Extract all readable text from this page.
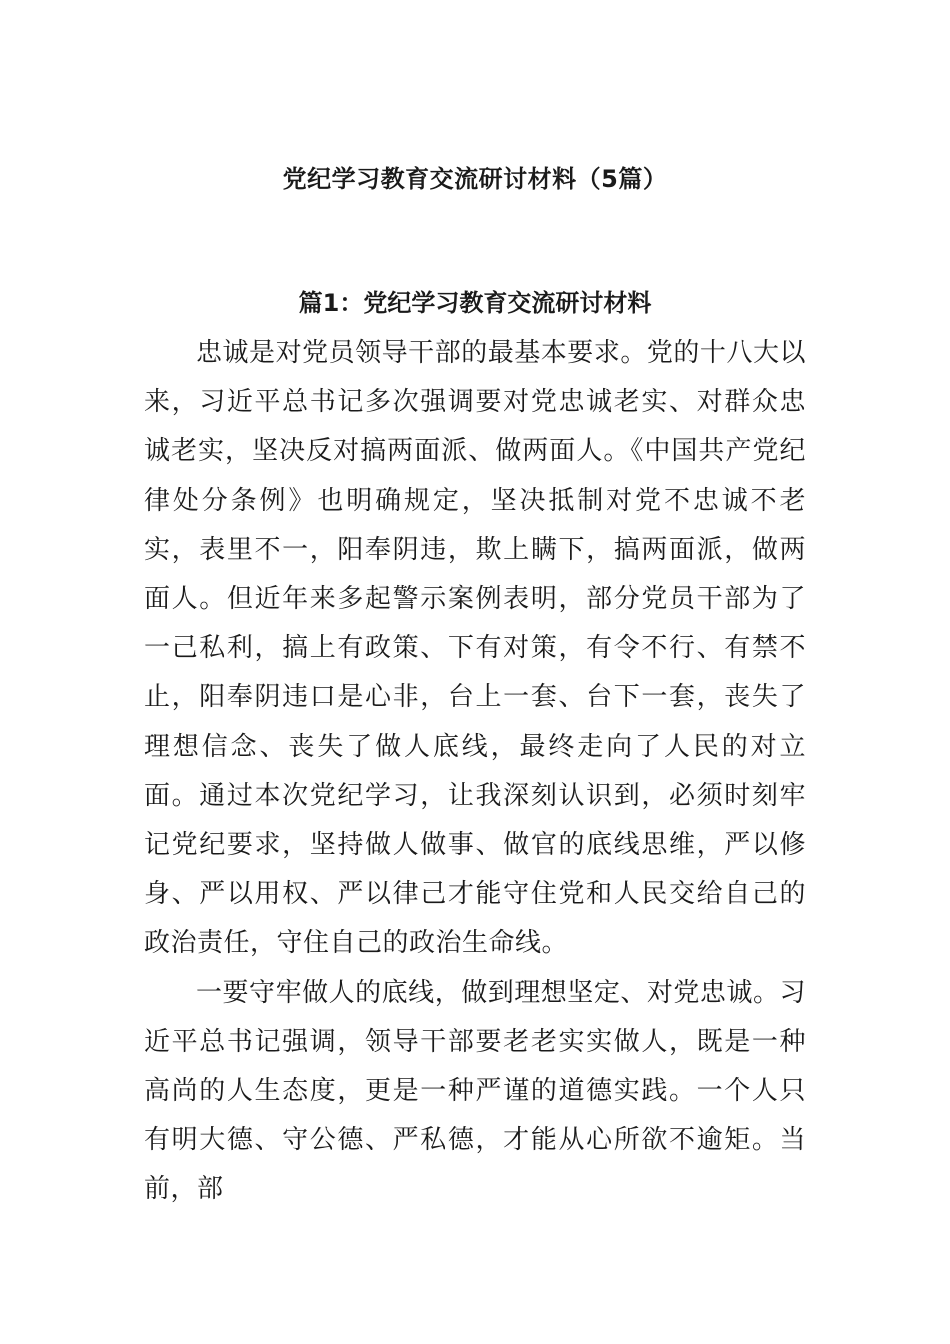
党纪学习教育交流研讨材料（5篇）
篇1：党纪学习教育交流研讨材料

忠诚是对党员领导干部的最基本要求。党的十八大以来，习近平总书记多次强调要对党忠诚老实、对群众忠诚老实，坚决反对搞两面派、做两面人。《中国共产党纪律处分条例》也明确规定，坚决抵制对党不忠诚不老实，表里不一，阳奉阴违，欺上瞒下，搞两面派，做两面人。但近年来多起警示案例表明，部分党员干部为了一己私利，搞上有政策、下有对策，有令不行、有禁不止，阳奉阴违口是心非，台上一套、台下一套，丧失了理想信念、丧失了做人底线，最终走向了人民的对立面。通过本次党纪学习，让我深刻认识到，必须时刻牢记党纪要求，坚持做人做事、做官的底线思维，严以修身、严以用权、严以律己才能守住党和人民交给自己的政治责任，守住自己的政治生命线。

一要守牢做人的底线，做到理想坚定、对党忠诚。习近平总书记强调，领导干部要老老实实做人，既是一种高尚的人生态度，更是一种严谨的道德实践。一个人只有明大德、守公德、严私德，才能从心所欲不逾矩。当前，部
